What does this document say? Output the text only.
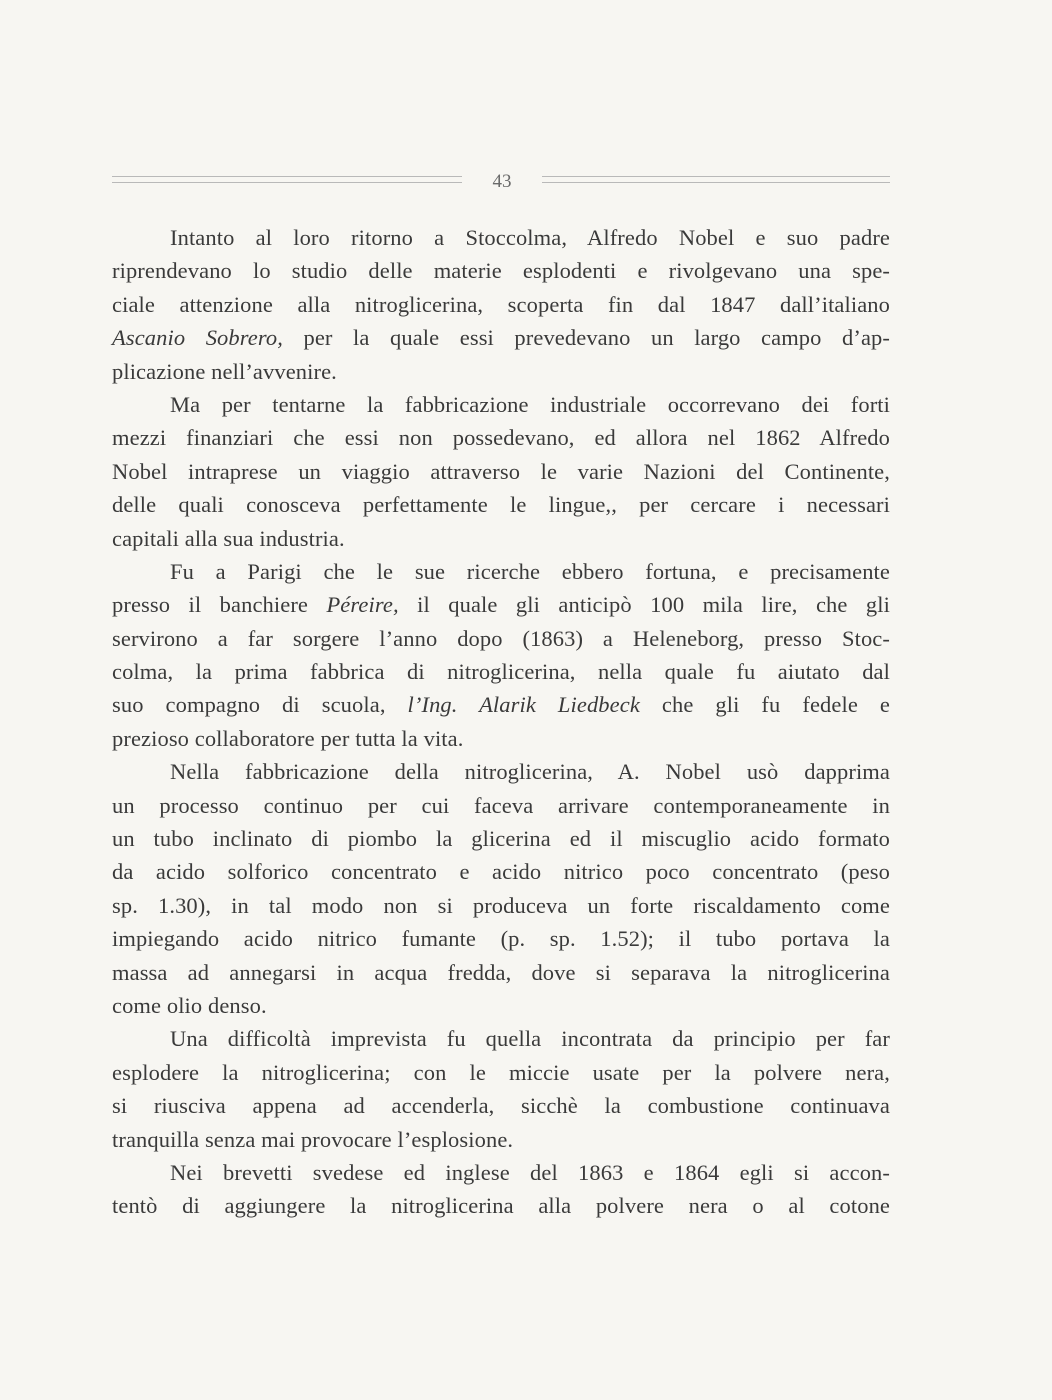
43
Intanto al loro ritorno a Stoccolma, Alfredo Nobel e suo padre
riprendevano lo studio delle materie esplodenti e rivolgevano una spe-
ciale attenzione alla nitroglicerina, scoperta fin dal 1847 dall’italiano
Ascanio Sobrero, per la quale essi prevedevano un largo campo d’ap-
plicazione nell’avvenire.
Ma per tentarne la fabbricazione industriale occorrevano dei forti
mezzi finanziari che essi non possedevano, ed allora nel 1862 Alfredo
Nobel intraprese un viaggio attraverso le varie Nazioni del Continente,
delle quali conosceva perfettamente le lingue,, per cercare i necessari
capitali alla sua industria.
Fu a Parigi che le sue ricerche ebbero fortuna, e precisamente
presso il banchiere Péreire, il quale gli anticipò 100 mila lire, che gli
servirono a far sorgere l’anno dopo (1863) a Heleneborg, presso Stoc-
colma, la prima fabbrica di nitroglicerina, nella quale fu aiutato dal
suo compagno di scuola, l’Ing. Alarik Liedbeck che gli fu fedele e
prezioso collaboratore per tutta la vita.
Nella fabbricazione della nitroglicerina, A. Nobel usò dapprima
un processo continuo per cui faceva arrivare contemporaneamente in
un tubo inclinato di piombo la glicerina ed il miscuglio acido formato
da acido solforico concentrato e acido nitrico poco concentrato (peso
sp. 1.30), in tal modo non si produceva un forte riscaldamento come
impiegando acido nitrico fumante (p. sp. 1.52); il tubo portava la
massa ad annegarsi in acqua fredda, dove si separava la nitroglicerina
come olio denso.
Una difficoltà imprevista fu quella incontrata da principio per far
esplodere la nitroglicerina; con le miccie usate per la polvere nera,
si riusciva appena ad accenderla, sicchè la combustione continuava
tranquilla senza mai provocare l’esplosione.
Nei brevetti svedese ed inglese del 1863 e 1864 egli si accon-
tentò di aggiungere la nitroglicerina alla polvere nera o al cotone
